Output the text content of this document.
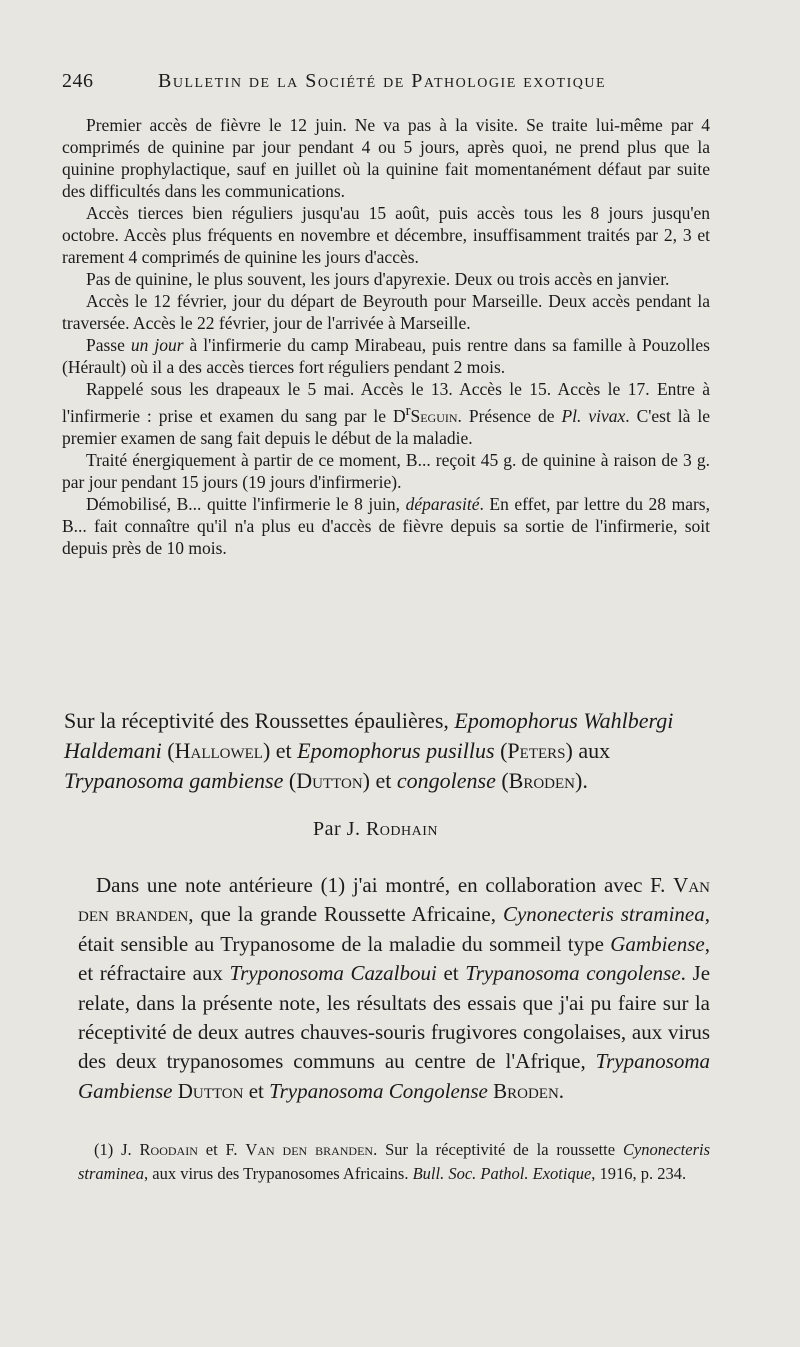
246	Bulletin de la Société de Pathologie exotique

Premier accès de fièvre le 12 juin. Ne va pas à la visite. Se traite lui-même par 4 comprimés de quinine par jour pendant 4 ou 5 jours, après quoi, ne prend plus que la quinine prophylactique, sauf en juillet où la quinine fait momentanément défaut par suite des difficultés dans les communications.

Accès tierces bien réguliers jusqu'au 15 août, puis accès tous les 8 jours jusqu'en octobre. Accès plus fréquents en novembre et décembre, insuffisamment traités par 2, 3 et rarement 4 comprimés de quinine les jours d'accès.

Pas de quinine, le plus souvent, les jours d'apyrexie. Deux ou trois accès en janvier.

Accès le 12 février, jour du départ de Beyrouth pour Marseille. Deux accès pendant la traversée. Accès le 22 février, jour de l'arrivée à Marseille.

Passe un jour à l'infirmerie du camp Mirabeau, puis rentre dans sa famille à Pouzolles (Hérault) où il a des accès tierces fort réguliers pendant 2 mois.

Rappelé sous les drapeaux le 5 mai. Accès le 13. Accès le 15. Accès le 17. Entre à l'infirmerie : prise et examen du sang par le $D^rSeguin$. Présence de Pl. vivax. C'est là le premier examen de sang fait depuis le début de la maladie.

Traité énergiquement à partir de ce moment, B... reçoit 45 g. de quinine à raison de 3 g. par jour pendant 15 jours (19 jours d'infirmerie).

Démobilisé, B... quitte l'infirmerie le 8 juin, déparasité. En effet, par lettre du 28 mars, B... fait connaître qu'il n'a plus eu d'accès de fièvre depuis sa sortie de l'infirmerie, soit depuis près de 10 mois.

Sur la réceptivité des Roussettes épaulières, Epomophorus Wahlbergi Haldemani (Hallowel) et Epomophorus pusillus (Peters) aux Trypanosoma gambiense (Dutton) et congolense (Broden).
Par J. Rodhain

Dans une note antérieure (1) j'ai montré, en collaboration avec F. Van den branden, que la grande Roussette Africaine, Cynonecteris straminea, était sensible au Trypanosome de la maladie du sommeil type Gambiense, et réfractaire aux Tryponosoma Cazalboui et Trypanosoma congolense. Je relate, dans la présente note, les résultats des essais que j'ai pu faire sur la réceptivité de deux autres chauves-souris frugivores congolaises, aux virus des deux trypanosomes communs au centre de l'Afrique, Trypanosoma Gambiense Dutton et Trypanosoma Congolense Broden.

(1) J. Roodain et F. Van den branden. Sur la réceptivité de la roussette Cynonecteris straminea, aux virus des Trypanosomes Africains. Bull. Soc. Pathol. Exotique, 1916, p. 234.
